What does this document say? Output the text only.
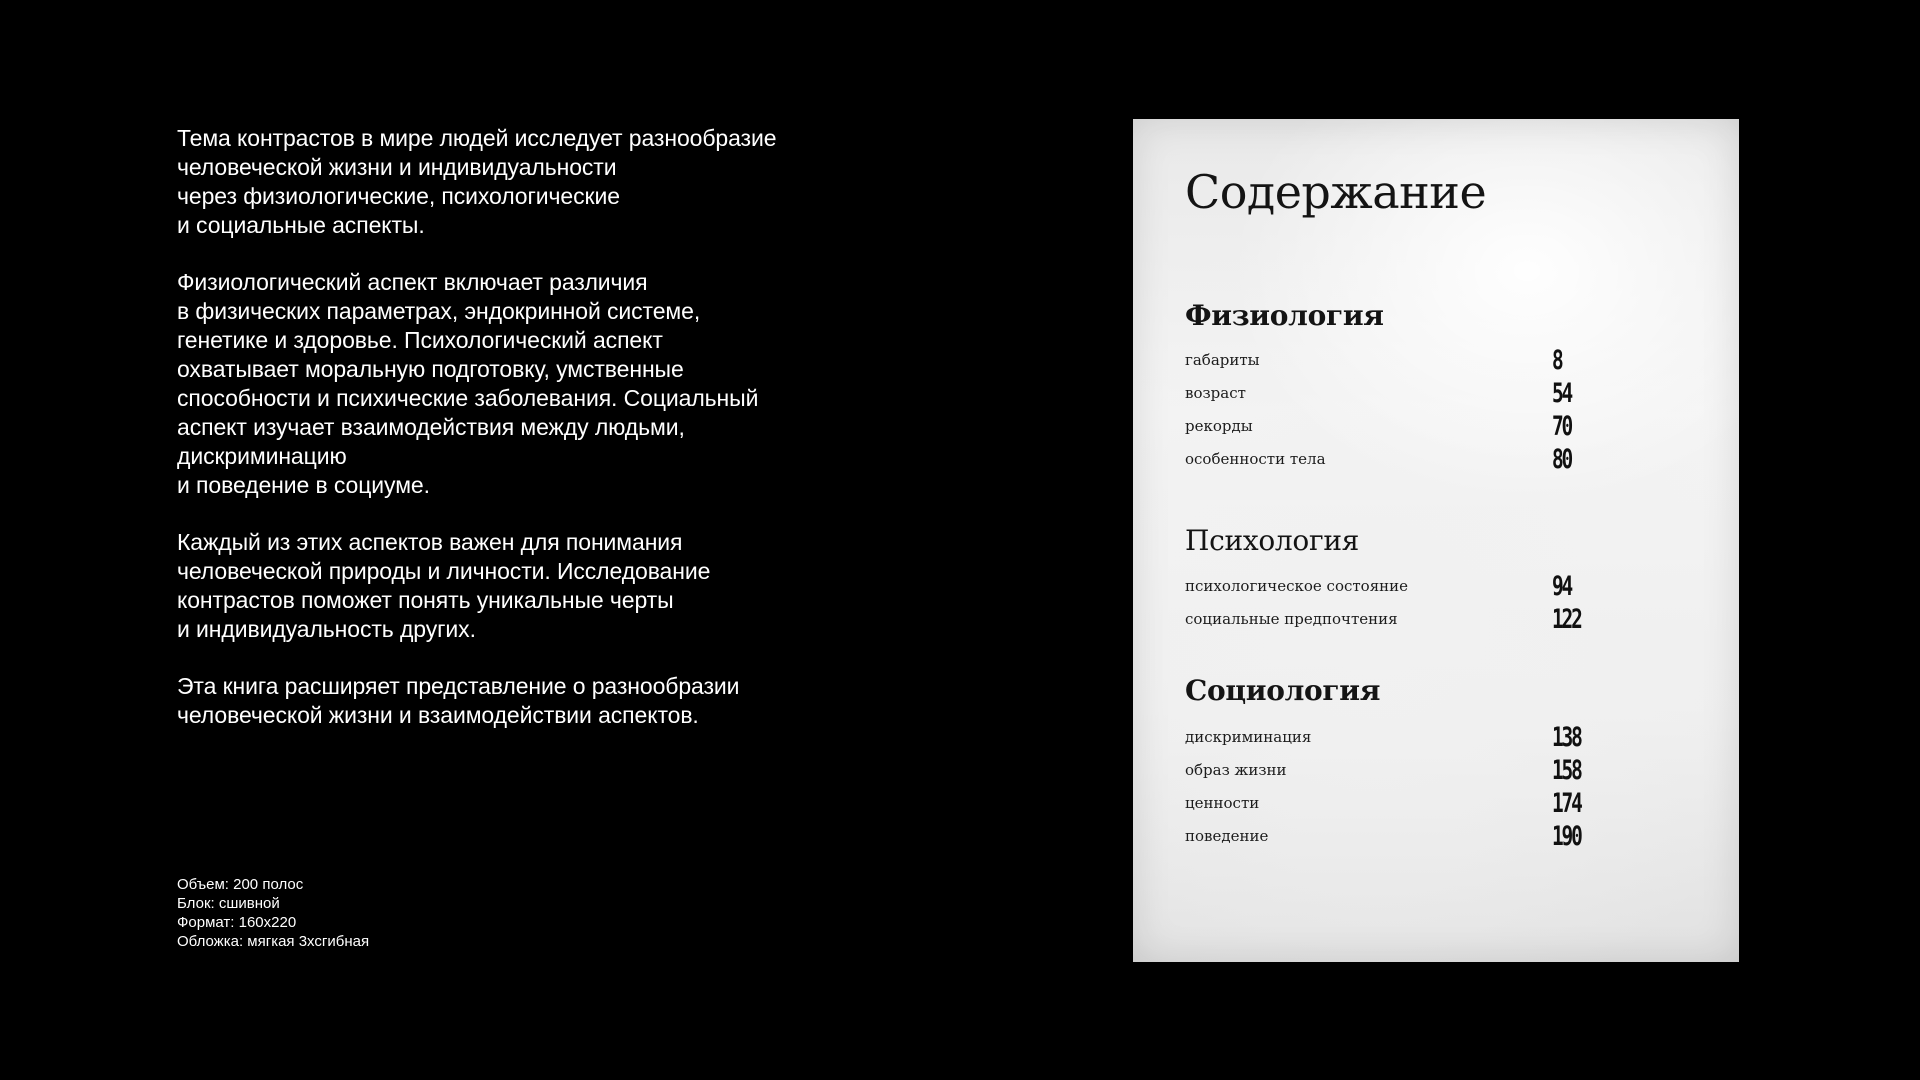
Тема контрастов в мире людей исследует разнообразие
человеческой жизни и индивидуальности
через физиологические, психологические
и социальные аспекты.

Физиологический аспект включает различия
в физических параметрах, эндокринной системе,
генетике и здоровье. Психологический аспект
охватывает моральную подготовку, умственные
способности и психические заболевания. Социальный
аспект изучает взаимодействия между людьми,
дискриминацию
и поведение в социуме.

Каждый из этих аспектов важен для понимания
человеческой природы и личности. Исследование
контрастов поможет понять уникальные черты
и индивидуальность других.

Эта книга расширяет представление о разнообразии
человеческой жизни и взаимодействии аспектов.

Объем: 200 полос
Блок: сшивной
Формат: 160х220
Обложка: мягкая 3хсгибная
Содержание
Физиология
габариты	8
возраст	54
рекорды	70
особенности тела	80
Психология
психологическое состояние	94
социальные предпочтения	122
Социология
дискриминация	138
образ жизни	158
ценности	174
поведение	190
